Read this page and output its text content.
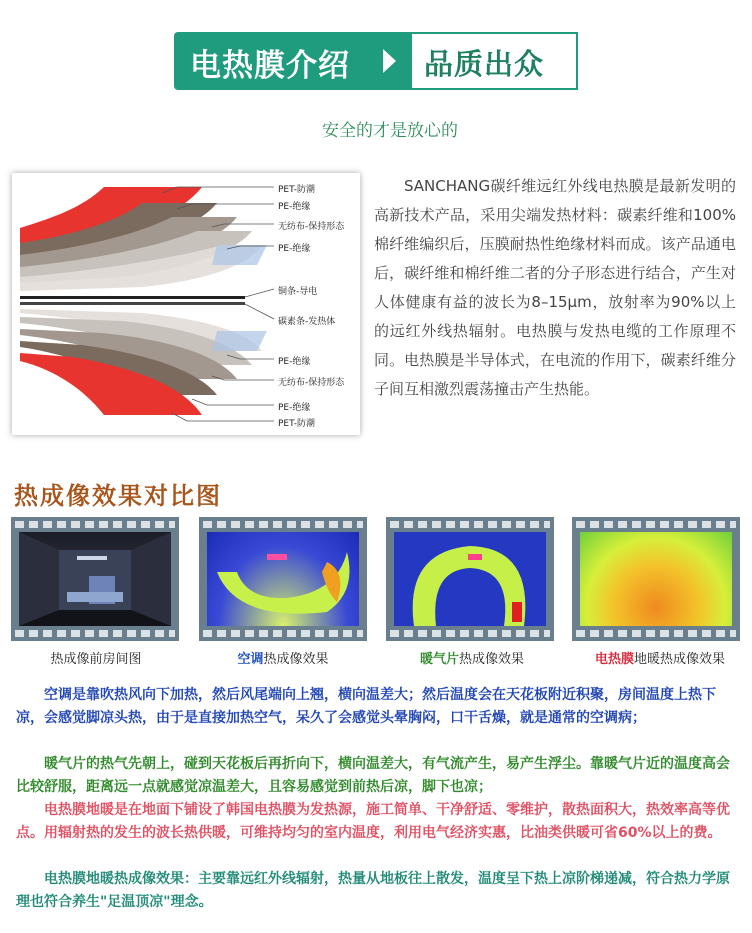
电热膜介绍	品质出众
安全的才是放心的
PET-防潮
PE-绝缘
无纺布-保持形态
PE-绝缘
铜条-导电
碳素条-发热体
PE-绝缘
无纺布-保持形态
PE-绝缘
PET-防潮
SANCHANG碳纤维远红外线电热膜是最新发明的高新技术产品，采用尖端发热材料：碳素纤维和100%棉纤维编织后，压膜耐热性绝缘材料而成。该产品通电后，碳纤维和棉纤维二者的分子形态进行结合，产生对人体健康有益的波长为8–15μm，放射率为90%以上的远红外线热辐射。电热膜与发热电缆的工作原理不同。电热膜是半导体式，在电流的作用下，碳素纤维分子间互相激烈震荡撞击产生热能。
热成像效果对比图
热成像前房间图	空调热成像效果	暖气片热成像效果	电热膜地暖热成像效果
空调是靠吹热风向下加热，然后风尾端向上翘，横向温差大；然后温度会在天花板附近积聚，房间温度上热下凉，会感觉脚凉头热，由于是直接加热空气，呆久了会感觉头晕胸闷，口干舌燥，就是通常的空调病；
暖气片的热气先朝上，碰到天花板后再折向下，横向温差大，有气流产生，易产生浮尘。靠暖气片近的温度高会比较舒服，距离远一点就感觉凉温差大，且容易感觉到前热后凉，脚下也凉；
电热膜地暖是在地面下铺设了韩国电热膜为发热源，施工简单、干净舒适、零维护，散热面积大，热效率高等优点。用辐射热的发生的波长热供暖，可维持均匀的室内温度，利用电气经济实惠，比油类供暖可省60%以上的费。
电热膜地暖热成像效果：主要靠远红外线辐射，热量从地板往上散发，温度呈下热上凉阶梯递减，符合热力学原理也符合养生"足温顶凉"理念。
